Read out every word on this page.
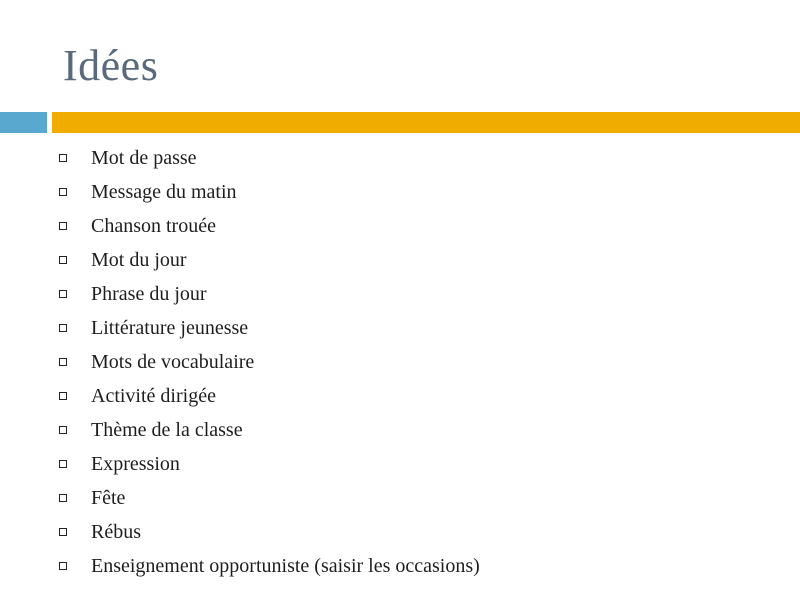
Idées
Mot de passe
Message du matin
Chanson trouée
Mot du jour
Phrase du jour
Littérature jeunesse
Mots de vocabulaire
Activité dirigée
Thème de la classe
Expression
Fête
Rébus
Enseignement opportuniste (saisir les occasions)
